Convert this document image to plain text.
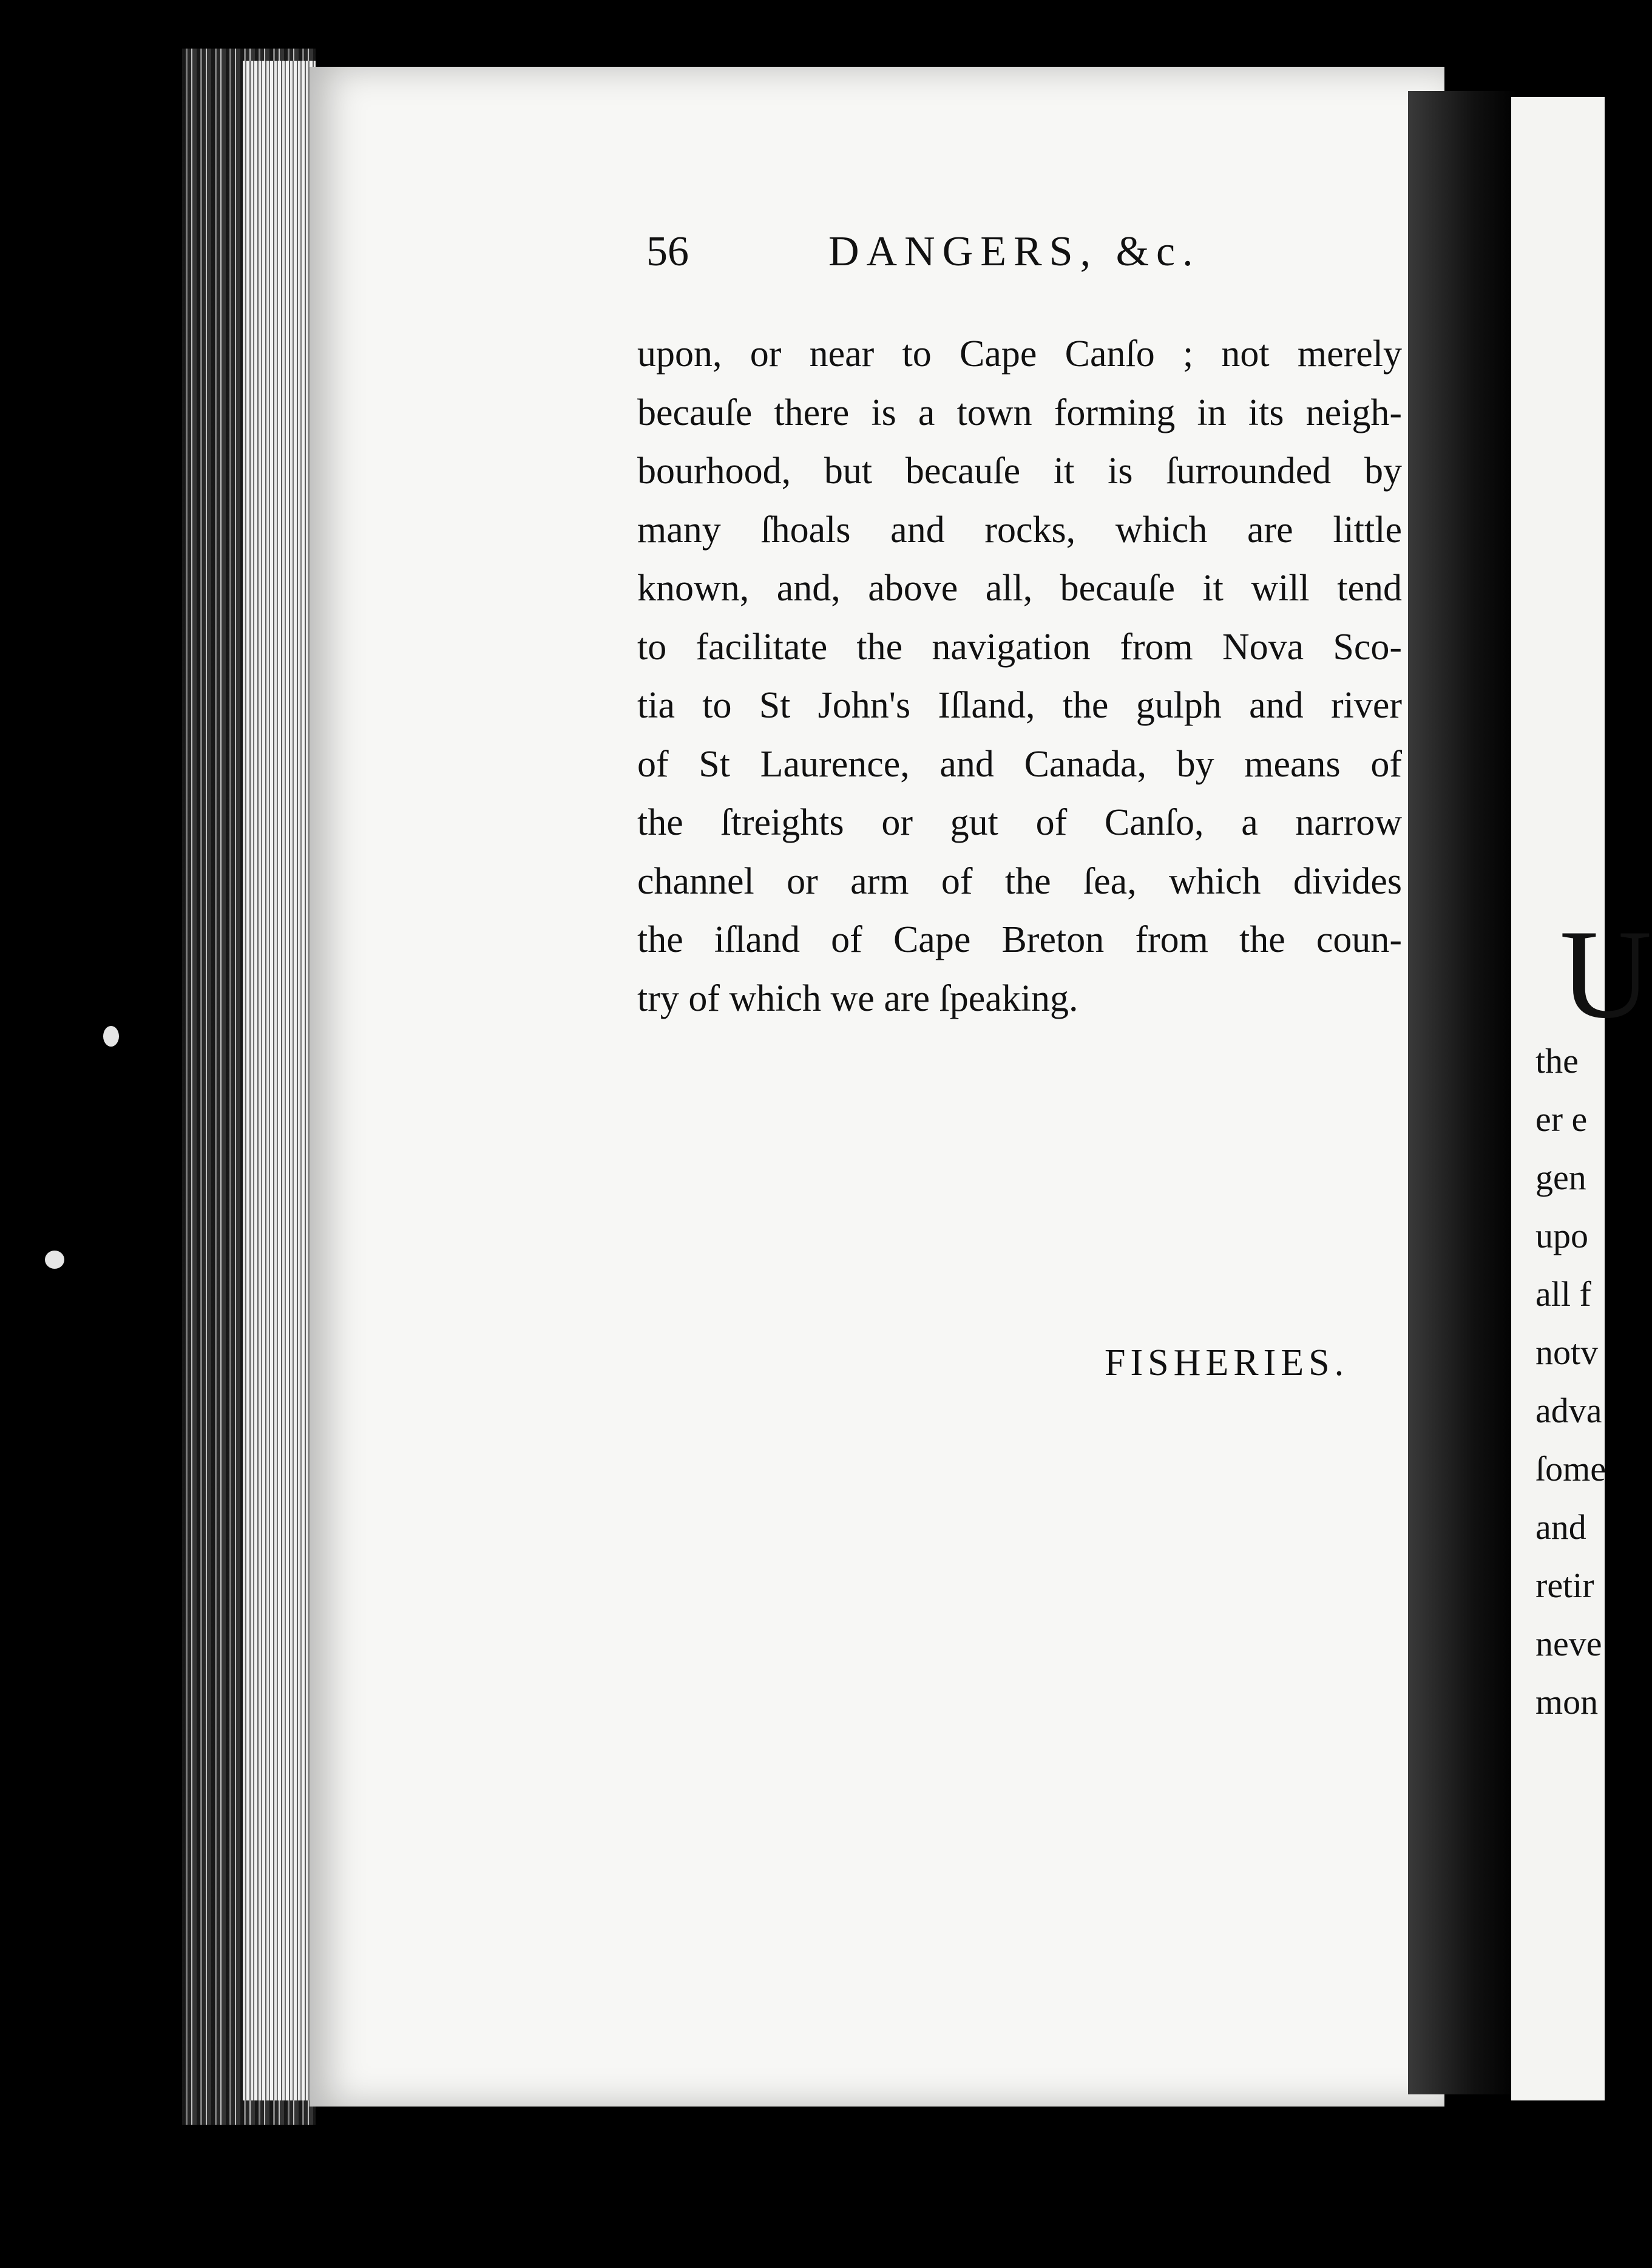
56	DANGERS, &c.
upon, or near to Cape Canſo ; not merely
becauſe there is a town forming in its neigh-
bourhood, but becauſe it is ſurrounded by
many ſhoals and rocks, which are little
known, and, above all, becauſe it will tend
to facilitate the navigation from Nova Sco-
tia to St John's Iſland, the gulph and river
of St Laurence, and Canada, by means of
the ſtreights or gut of Canſo, a narrow
channel or arm of the ſea, which divides
the iſland of Cape Breton from the coun-
try of which we are ſpeaking.
FISHERIES.
U
the
er e
gen
upo
all f
notv
adva
ſome
and
retir
neve
mon
